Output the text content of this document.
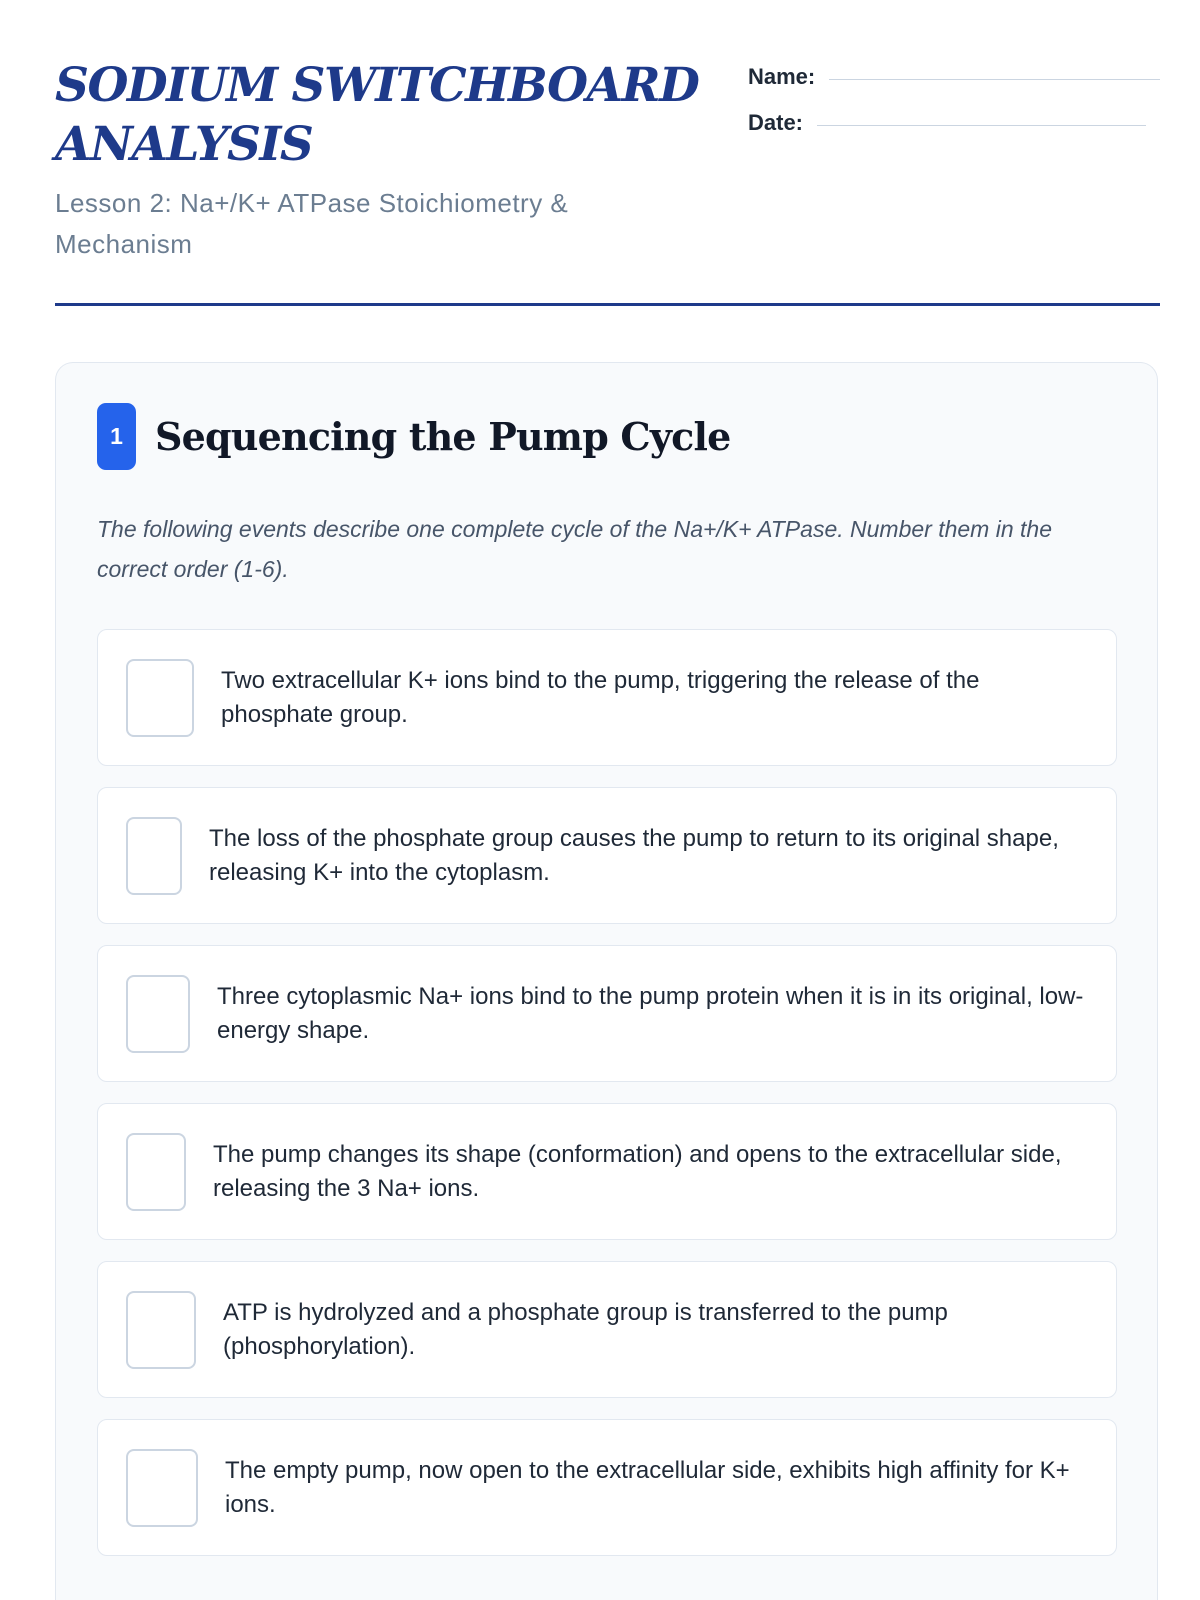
SODIUM SWITCHBOARD ANALYSIS

Lesson 2: Na+/K+ ATPase Stoichiometry & Mechanism

Name:
Date:
1 Sequencing the Pump Cycle

The following events describe one complete cycle of the Na+/K+ ATPase. Number them in the correct order (1-6).

Two extracellular K+ ions bind to the pump, triggering the release of the phosphate group.
The loss of the phosphate group causes the pump to return to its original shape, releasing K+ into the cytoplasm.
Three cytoplasmic Na+ ions bind to the pump protein when it is in its original, low-energy shape.
The pump changes its shape (conformation) and opens to the extracellular side, releasing the 3 Na+ ions.
ATP is hydrolyzed and a phosphate group is transferred to the pump (phosphorylation).
The empty pump, now open to the extracellular side, exhibits high affinity for K+ ions.
